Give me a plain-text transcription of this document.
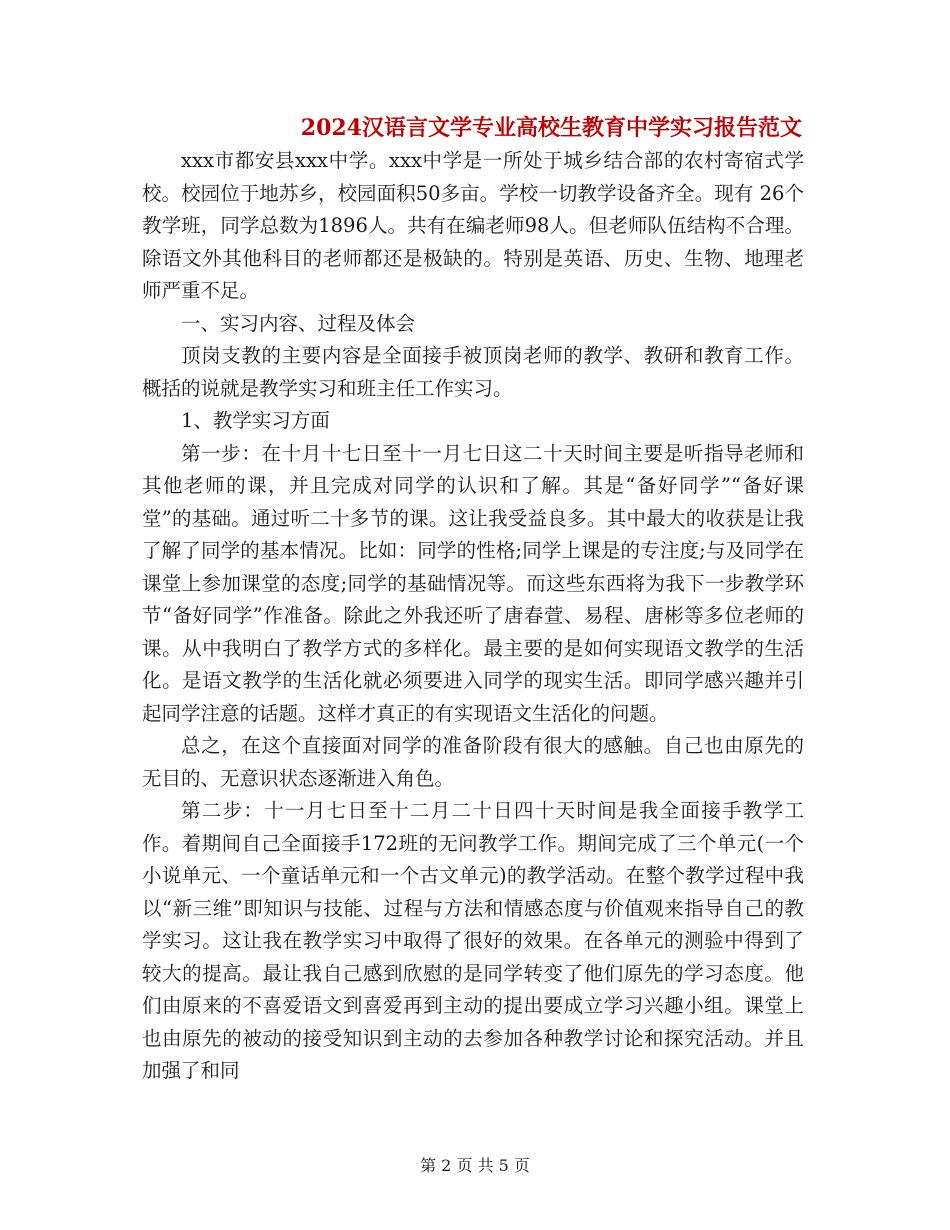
2024汉语言文学专业高校生教育中学实习报告范文

xxx市都安县xxx中学。xxx中学是一所处于城乡结合部的农村寄宿式学校。校园位于地苏乡，校园面积50多亩。学校一切教学设备齐全。现有 26个教学班，同学总数为1896人。共有在编老师98人。但老师队伍结构不合理。除语文外其他科目的老师都还是极缺的。特别是英语、历史、生物、地理老师严重不足。

一、实习内容、过程及体会

顶岗支教的主要内容是全面接手被顶岗老师的教学、教研和教育工作。概括的说就是教学实习和班主任工作实习。

1、教学实习方面

第一步：在十月十七日至十一月七日这二十天时间主要是听指导老师和其他老师的课，并且完成对同学的认识和了解。其是“备好同学”“备好课堂”的基础。通过听二十多节的课。这让我受益良多。其中最大的收获是让我了解了同学的基本情况。比如：同学的性格;同学上课是的专注度;与及同学在课堂上参加课堂的态度;同学的基础情况等。而这些东西将为我下一步教学环节“备好同学”作准备。除此之外我还听了唐春萱、易程、唐彬等多位老师的课。从中我明白了教学方式的多样化。最主要的是如何实现语文教学的生活化。是语文教学的生活化就必须要进入同学的现实生活。即同学感兴趣并引起同学注意的话题。这样才真正的有实现语文生活化的问题。

总之，在这个直接面对同学的准备阶段有很大的感触。自己也由原先的无目的、无意识状态逐渐进入角色。

第二步：十一月七日至十二月二十日四十天时间是我全面接手教学工作。着期间自己全面接手172班的无问教学工作。期间完成了三个单元(一个小说单元、一个童话单元和一个古文单元)的教学活动。在整个教学过程中我以“新三维”即知识与技能、过程与方法和情感态度与价值观来指导自己的教学实习。这让我在教学实习中取得了很好的效果。在各单元的测验中得到了较大的提高。最让我自己感到欣慰的是同学转变了他们原先的学习态度。他们由原来的不喜爱语文到喜爱再到主动的提出要成立学习兴趣小组。课堂上也由原先的被动的接受知识到主动的去参加各种教学讨论和探究活动。并且加强了和同

第 2 页 共 5 页
